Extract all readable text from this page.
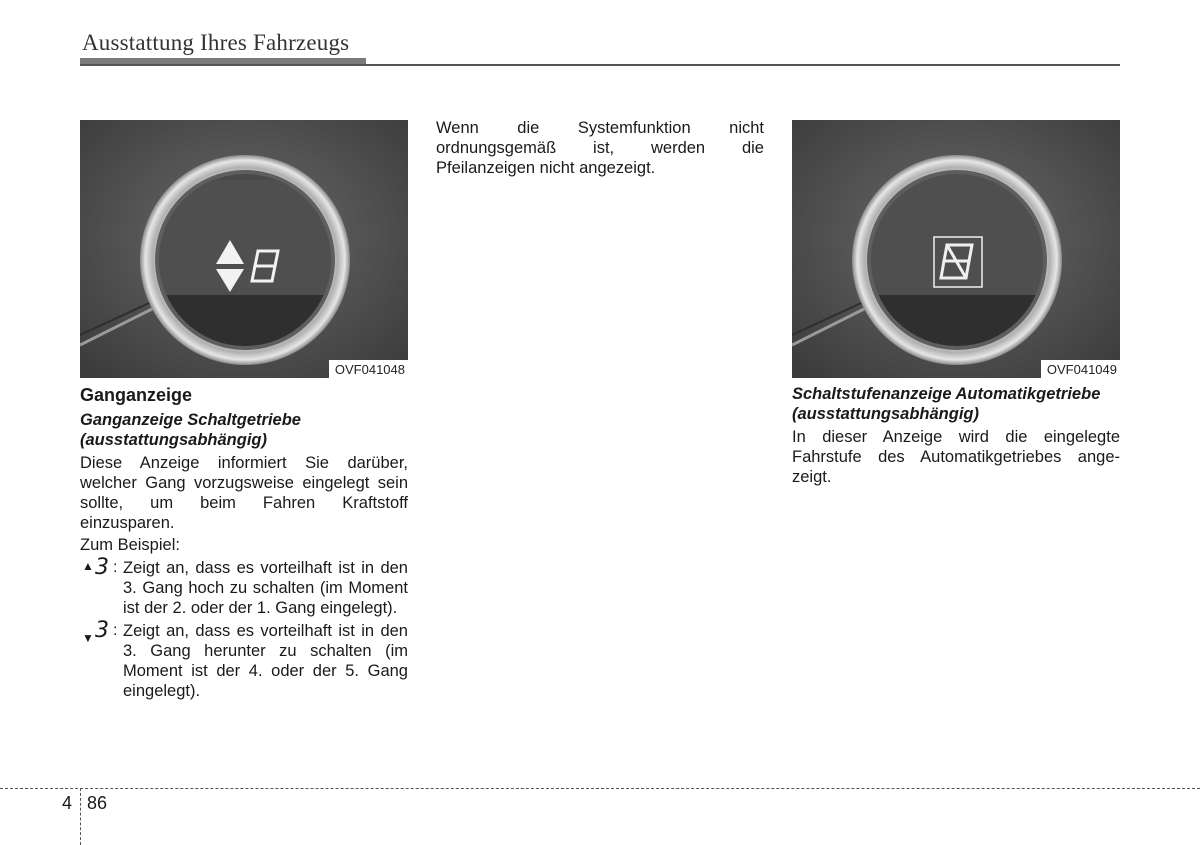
Ausstattung Ihres Fahrzeugs
OVF041048	OVF041049
Ganganzeige
Ganganzeige Schaltgetriebe (ausstattungsabhängig)

Diese Anzeige informiert Sie darüber, welcher Gang vorzugsweise eingelegt sein sollte, um beim Fahren Kraftstoff einzusparen.

Zum Beispiel:

▲ 3 : Zeigt an, dass es vorteilhaft ist in den 3. Gang hoch zu schalten (im Moment ist der 2. oder der 1. Gang eingelegt).
▼ 3 : Zeigt an, dass es vorteilhaft ist in den 3. Gang herunter zu schalten (im Moment ist der 4. oder der 5. Gang eingelegt).

Wenn die Systemfunktion nicht ordnungsgemäß ist, werden die Pfeilanzeigen nicht angezeigt.

Schaltstufenanzeige Automatikgetriebe (ausstattungsabhängig)

In dieser Anzeige wird die eingelegte Fahrstufe des Automatikgetriebes ange-zeigt.

4 86
